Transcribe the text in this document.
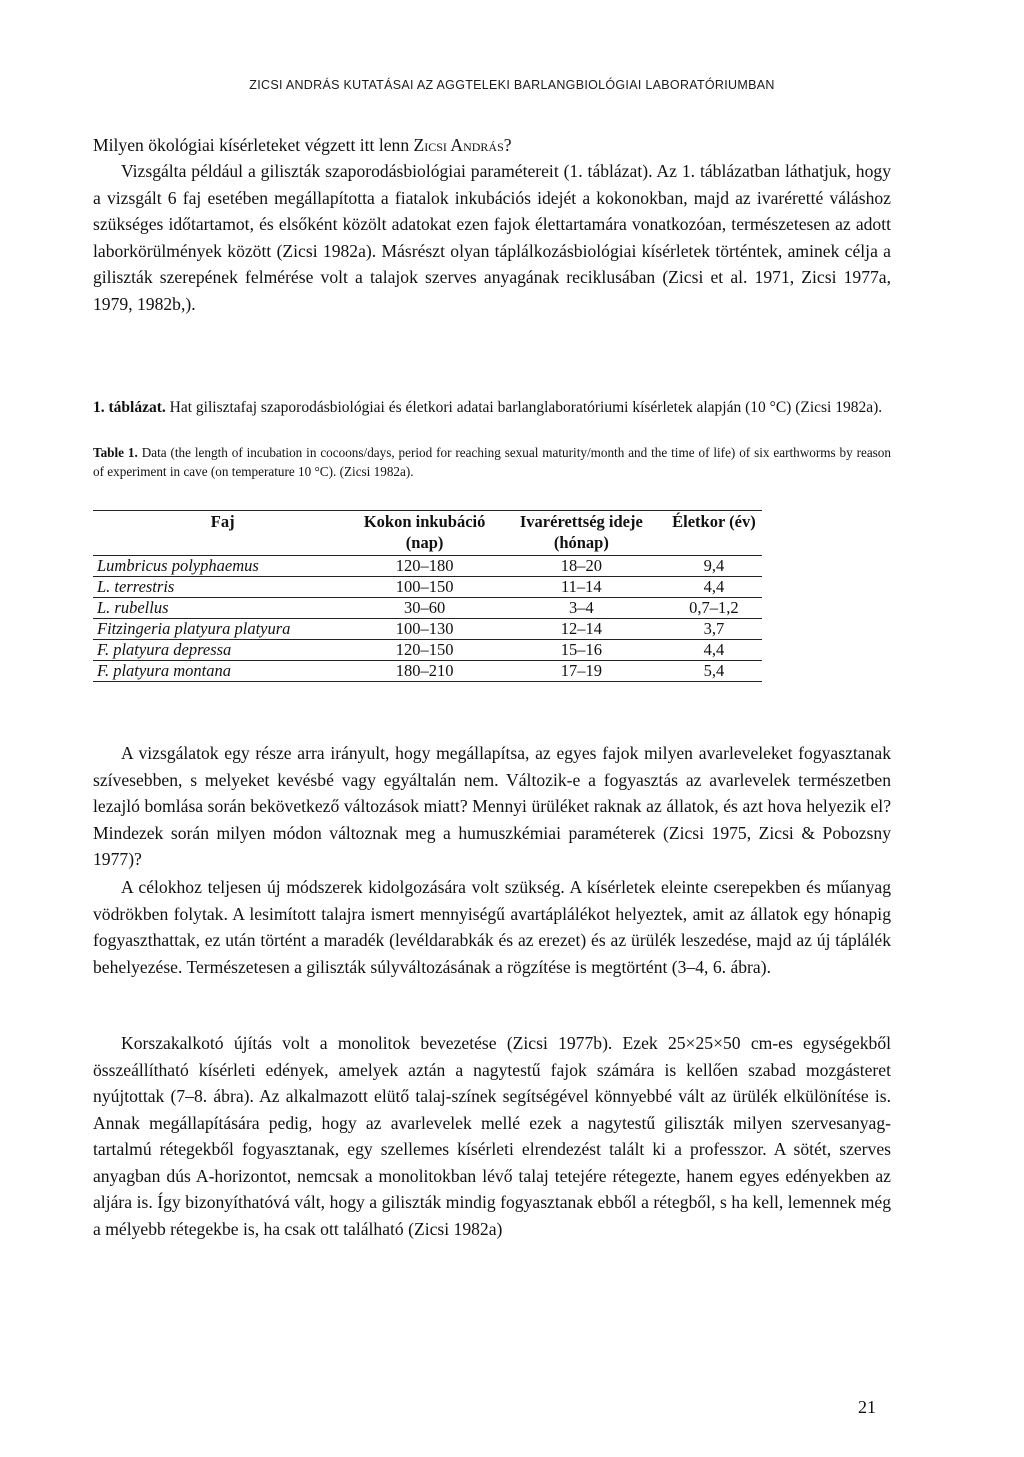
ZICSI ANDRÁS KUTATÁSAI AZ AGGTELEKI BARLANGBIOLÓGIAI LABORATÓRIUMBAN

Milyen ökológiai kísérleteket végzett itt lenn Zicsi András?

Vizsgálta például a giliszták szaporodásbiológiai paramétereit (1. táblázat). Az 1. táblázatban láthatjuk, hogy a vizsgált 6 faj esetében megállapította a fiatalok inkubációs idejét a kokonokban, majd az ivaréretté váláshoz szükséges időtartamot, és elsőként közölt adatokat ezen fajok élettartamára vonatkozóan, természetesen az adott laborkörülmények között (Zicsi 1982a). Másrészt olyan táplálkozásbiológiai kísérletek történtek, aminek célja a giliszták szerepének felmérése volt a talajok szerves anyagának reciklusában (Zicsi et al. 1971, Zicsi 1977a, 1979, 1982b,).

1. táblázat. Hat gilisztafaj szaporodásbiológiai és életkori adatai barlanglaboratóriumi kísérletek alapján (10 °C) (Zicsi 1982a).

Table 1. Data (the length of incubation in cocoons/days, period for reaching sexual maturity/month and the time of life) of six earthworms by reason of experiment in cave (on temperature 10 °C). (Zicsi 1982a).

Faj	Kokon inkubáció (nap)	Ivarérettség ideje (hónap)	Életkor (év)
Lumbricus polyphaemus	120–180	18–20	9,4
L. terrestris	100–150	11–14	4,4
L. rubellus	30–60	3–4	0,7–1,2
Fitzingeria platyura platyura	100–130	12–14	3,7
F. platyura depressa	120–150	15–16	4,4
F. platyura montana	180–210	17–19	5,4

A vizsgálatok egy része arra irányult, hogy megállapítsa, az egyes fajok milyen avarleveleket fogyasztanak szívesebben, s melyeket kevésbé vagy egyáltalán nem. Változik-e a fogyasztás az avarlevelek természetben lezajló bomlása során bekövetkező változások miatt? Mennyi ürüléket raknak az állatok, és azt hova helyezik el? Mindezek során milyen módon változnak meg a humuszkémiai paraméterek (Zicsi 1975, Zicsi & Pobozsny 1977)?

A célokhoz teljesen új módszerek kidolgozására volt szükség. A kísérletek eleinte cserepekben és műanyag vödrökben folytak. A lesimított talajra ismert mennyiségű avartáplálékot helyeztek, amit az állatok egy hónapig fogyaszthattak, ez után történt a maradék (levéldarabkák és az erezet) és az ürülék leszedése, majd az új táplálék behelyezése. Természetesen a giliszták súlyváltozásának a rögzítése is megtörtént (3–4, 6. ábra).

Korszakalkotó újítás volt a monolitok bevezetése (Zicsi 1977b). Ezek 25×25×50 cm-es egységekből összeállítható kísérleti edények, amelyek aztán a nagytestű fajok számára is kellően szabad mozgásteret nyújtottak (7–8. ábra). Az alkalmazott elütő talaj-színek segítségével könnyebbé vált az ürülék elkülönítése is. Annak megállapítására pedig, hogy az avarlevelek mellé ezek a nagytestű giliszták milyen szervesanyag-tartalmú rétegekből fogyasztanak, egy szellemes kísérleti elrendezést talált ki a professzor. A sötét, szerves anyagban dús A-horizontot, nemcsak a monolitokban lévő talaj tetejére rétegezte, hanem egyes edényekben az aljára is. Így bizonyíthatóvá vált, hogy a giliszták mindig fogyasztanak ebből a rétegből, s ha kell, lemennek még a mélyebb rétegekbe is, ha csak ott található (Zicsi 1982a)

21
